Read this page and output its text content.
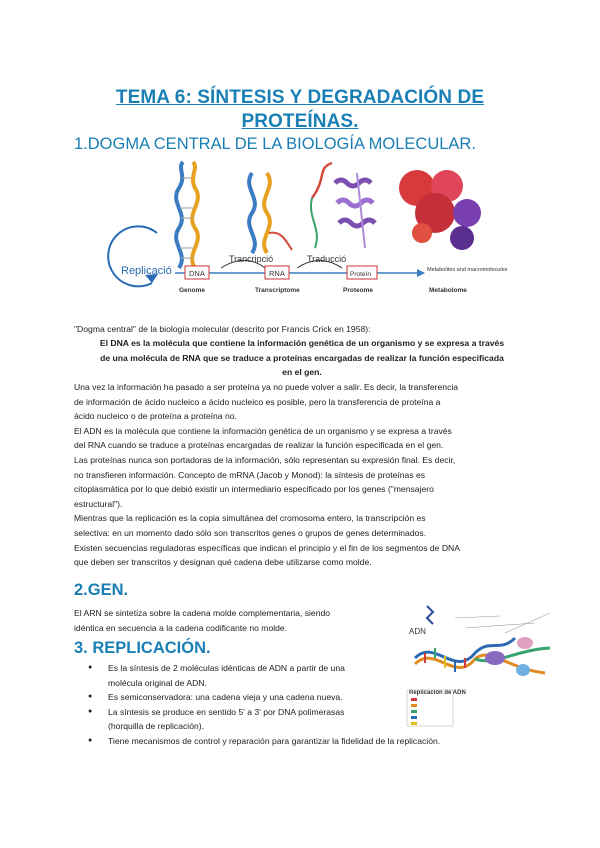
TEMA 6: SÍNTESIS Y DEGRADACIÓN DE
PROTEÍNAS.
1.DOGMA CENTRAL DE LA BIOLOGÍA MOLECULAR.
Replicació
Trancripció	Traducció
DNA	RNA	Proteïn
Metabolites and macromolecules
Genome	Transcriptome	Proteome	Metabolome
"Dogma central" de la biología molecular (descrito por Francis Crick en 1958):
El DNA es la molécula que contiene la información genética de un organismo y se expresa a través
de una molécula de RNA que se traduce a proteínas encargadas de realizar la función especificada
en el gen.

Una vez la información ha pasado a ser proteína ya no puede volver a salir. Es decir, la transferencia

de información de ácido nucleico a ácido nucleico es posible, pero la transferencia de proteína a

ácido nucleico o de proteína a proteína no.

El ADN es la molécula que contiene la información genética de un organismo y se expresa a través

del RNA cuando se traduce a proteínas encargadas de realizar la función especificada en el gen.

Las proteínas nunca son portadoras de la información, sólo representan su expresión final. Es decir,

no transfieren información. Concepto de mRNA (Jacob y Monod): la síntesis de proteínas es

citoplasmática por lo que debió existir un intermediario especificado por los genes ("mensajero

estructural").

Mientras que la replicación es la copia simultánea del cromosoma entero, la transcripción es

selectiva: en un momento dado sólo son transcritos genes o grupos de genes determinados.

Existen secuencias reguladoras específicas que indican el principio y el fin de los segmentos de DNA

que deben ser transcritos y designan qué cadena debe utilizarse como molde.

2.GEN.
El ARN se sintetiza sobre la cadena molde complementaria, siendo
idéntica en secuencia a la cadena codificante no molde.	ADN
Replicación de ADN
3. REPLICACIÓN.
● Es la síntesis de 2 moléculas idénticas de ADN a partir de una
molécula original de ADN.
● Es semiconservadora: una cadena vieja y una cadena nueva.
● La síntesis se produce en sentido 5' a 3' por DNA polimerasas
(horquilla de replicación).
● Tiene mecanismos de control y reparación para garantizar la fidelidad de la replicación.
